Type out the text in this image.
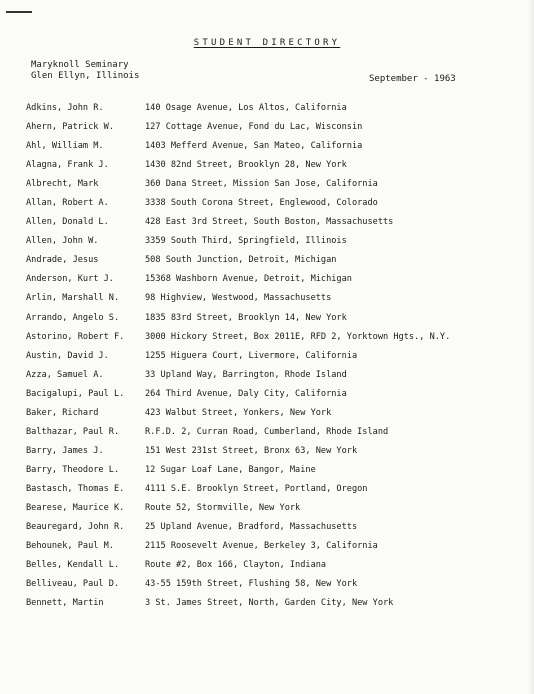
STUDENT DIRECTORY
Maryknoll Seminary
Glen Ellyn, Illinois	September - 1963
Adkins, John R.	140 Osage Avenue, Los Altos, California
Ahern, Patrick W.	127 Cottage Avenue, Fond du Lac, Wisconsin
Ahl, William M.	1403 Mefferd Avenue, San Mateo, California
Alagna, Frank J.	1430 82nd Street, Brooklyn 28, New York
Albrecht, Mark	360 Dana Street, Mission San Jose, California
Allan, Robert A.	3338 South Corona Street, Englewood, Colorado
Allen, Donald L.	428 East 3rd Street, South Boston, Massachusetts
Allen, John W.	3359 South Third, Springfield, Illinois
Andrade, Jesus	508 South Junction, Detroit, Michigan
Anderson, Kurt J.	15368 Washborn Avenue, Detroit, Michigan
Arlin, Marshall N.	98 Highview, Westwood, Massachusetts
Arrando, Angelo S.	1835 83rd Street, Brooklyn 14, New York
Astorino, Robert F. 3000 Hickory Street, Box 2011E, RFD 2, Yorktown Hgts., N.Y.
Austin, David J.	1255 Higuera Court, Livermore, California
Azza, Samuel A.	33 Upland Way, Barrington, Rhode Island
Bacigalupi, Paul L. 264 Third Avenue, Daly City, California
Baker, Richard	423 Walbut Street, Yonkers, New York
Balthazar, Paul R.	R.F.D. 2, Curran Road, Cumberland, Rhode Island
Barry, James J.	151 West 231st Street, Bronx 63, New York
Barry, Theodore L.	12 Sugar Loaf Lane, Bangor, Maine
Bastasch, Thomas E. 4111 S.E. Brooklyn Street, Portland, Oregon
Bearese, Maurice K. Route 52, Stormville, New York
Beauregard, John R. 25 Upland Avenue, Bradford, Massachusetts
Behounek, Paul M.	2115 Roosevelt Avenue, Berkeley 3, California
Belles, Kendall L.	Route #2, Box 166, Clayton, Indiana
Belliveau, Paul D.	43-55 159th Street, Flushing 58, New York
Bennett, Martin	3 St. James Street, North, Garden City, New York
